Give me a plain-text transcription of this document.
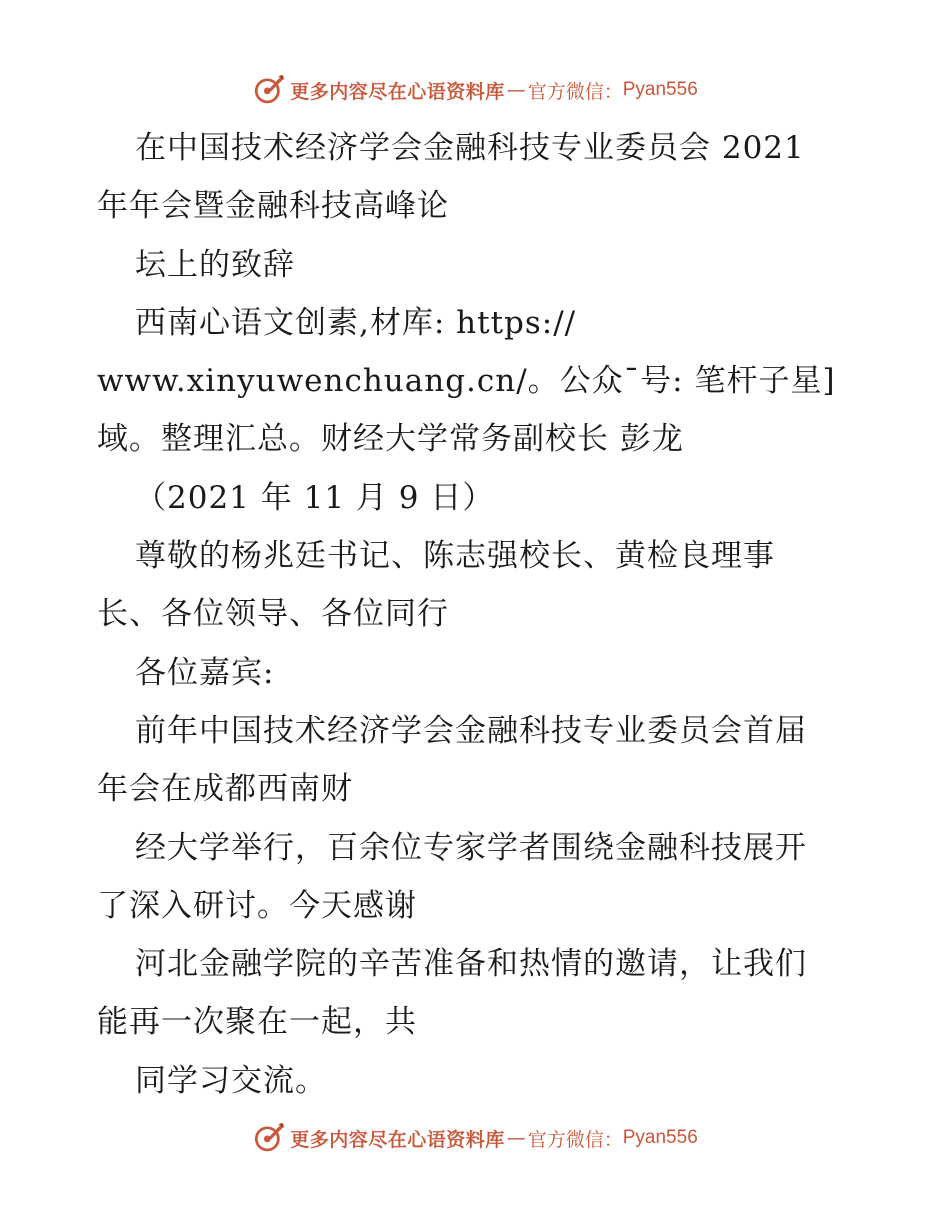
更多内容尽在心语资料库 — 官方微信： Pyan556
在中国技术经济学会金融科技专业委员会 2021
年年会暨金融科技高峰论
坛上的致辞
西南心语文创素,材库: https://
www.xinyuwenchuang.cn/。公众¯号: 笔杆子星]
域。整理汇总。财经大学常务副校长 彭龙
（2021 年 11 月 9 日）
尊敬的杨兆廷书记、陈志强校长、黄检良理事
长、各位领导、各位同行
各位嘉宾:
前年中国技术经济学会金融科技专业委员会首届
年会在成都西南财
经大学举行，百余位专家学者围绕金融科技展开
了深入研讨。今天感谢
河北金融学院的辛苦准备和热情的邀请，让我们
能再一次聚在一起，共
同学习交流。
更多内容尽在心语资料库 — 官方微信： Pyan556
